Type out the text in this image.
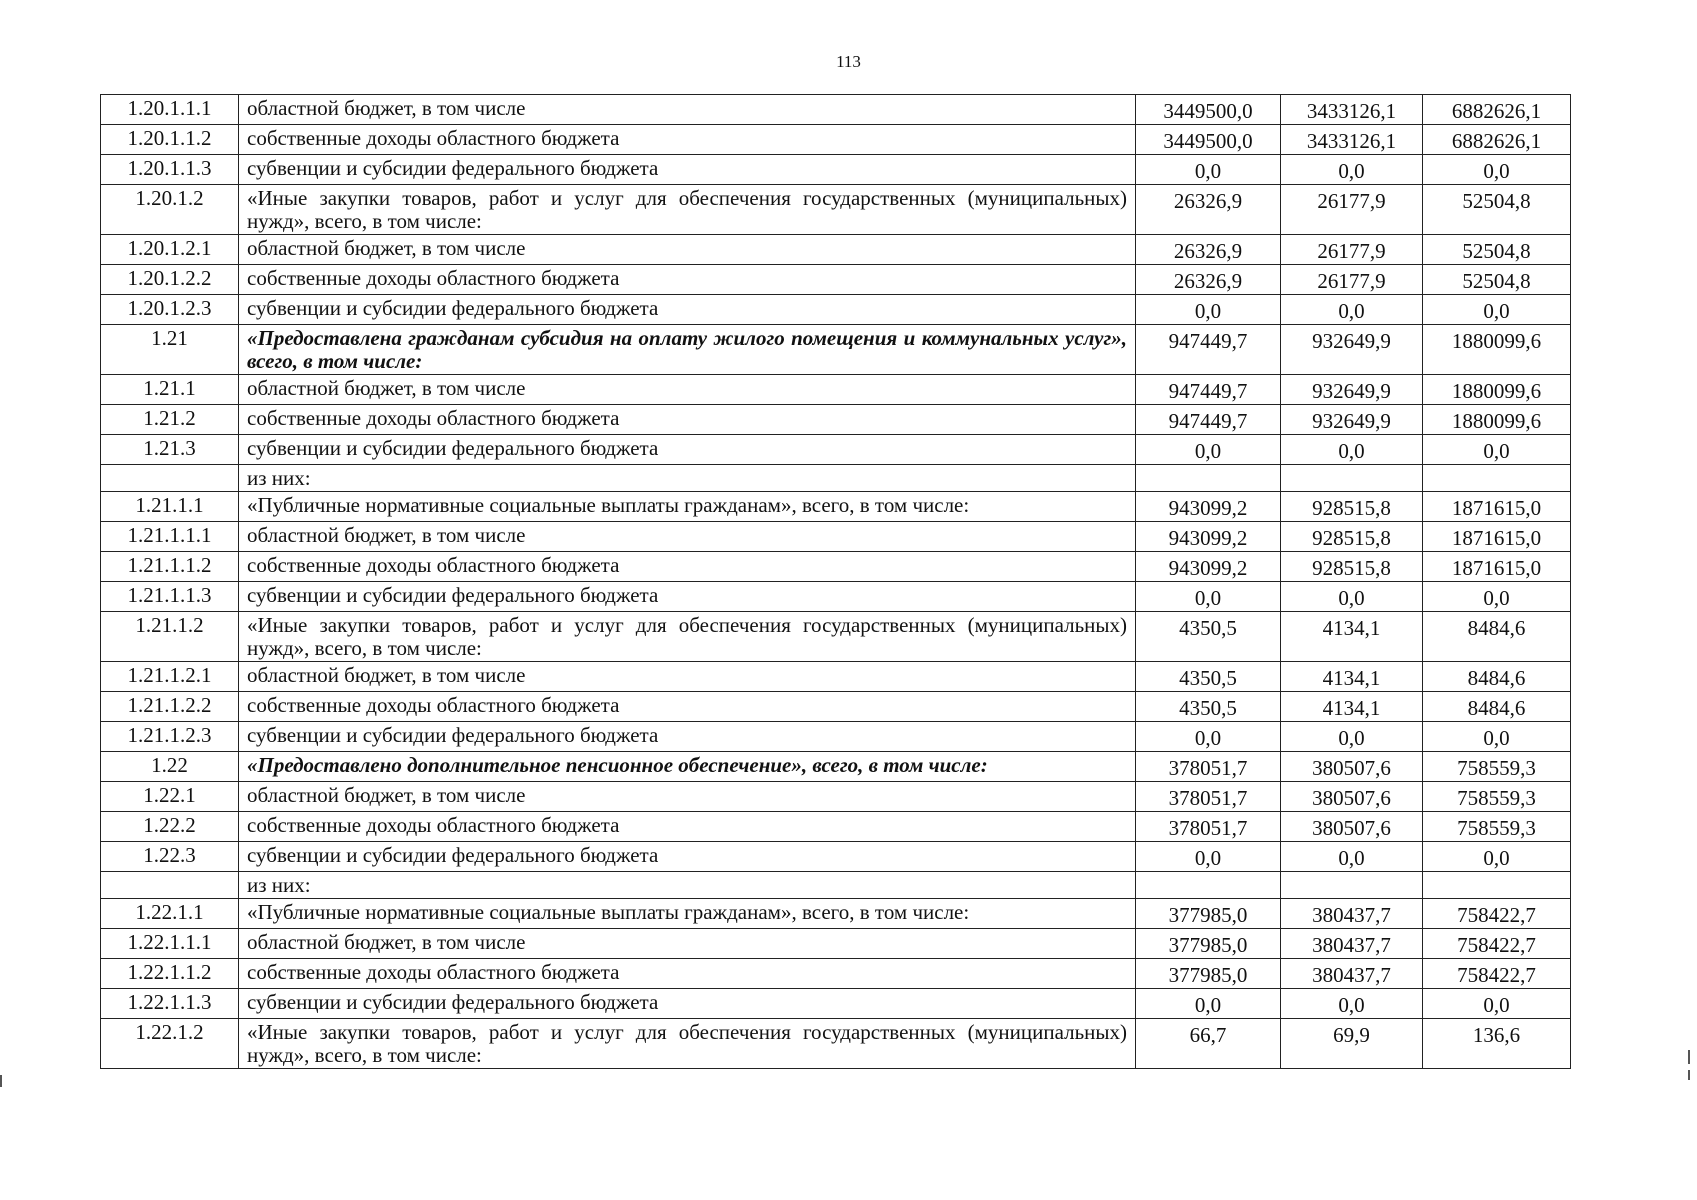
113
1.20.1.1.1	областной бюджет, в том числе	3449500,0	3433126,1	6882626,1
1.20.1.1.2	собственные доходы областного бюджета	3449500,0	3433126,1	6882626,1
1.20.1.1.3	субвенции и субсидии федерального бюджета	0,0	0,0	0,0
1.20.1.2	«Иные закупки товаров, работ и услуг для обеспечения государственных (муниципальных) нужд», всего, в том числе:	26326,9	26177,9	52504,8
1.20.1.2.1	областной бюджет, в том числе	26326,9	26177,9	52504,8
1.20.1.2.2	собственные доходы областного бюджета	26326,9	26177,9	52504,8
1.20.1.2.3	субвенции и субсидии федерального бюджета	0,0	0,0	0,0
1.21	«Предоставлена гражданам субсидия на оплату жилого помещения и коммунальных услуг», всего, в том числе:	947449,7	932649,9	1880099,6
1.21.1	областной бюджет, в том числе	947449,7	932649,9	1880099,6
1.21.2	собственные доходы областного бюджета	947449,7	932649,9	1880099,6
1.21.3	субвенции и субсидии федерального бюджета	0,0	0,0	0,0
	из них:			
1.21.1.1	«Публичные нормативные социальные выплаты гражданам», всего, в том числе:	943099,2	928515,8	1871615,0
1.21.1.1.1	областной бюджет, в том числе	943099,2	928515,8	1871615,0
1.21.1.1.2	собственные доходы областного бюджета	943099,2	928515,8	1871615,0
1.21.1.1.3	субвенции и субсидии федерального бюджета	0,0	0,0	0,0
1.21.1.2	«Иные закупки товаров, работ и услуг для обеспечения государственных (муниципальных) нужд», всего, в том числе:	4350,5	4134,1	8484,6
1.21.1.2.1	областной бюджет, в том числе	4350,5	4134,1	8484,6
1.21.1.2.2	собственные доходы областного бюджета	4350,5	4134,1	8484,6
1.21.1.2.3	субвенции и субсидии федерального бюджета	0,0	0,0	0,0
1.22	«Предоставлено дополнительное пенсионное обеспечение», всего, в том числе:	378051,7	380507,6	758559,3
1.22.1	областной бюджет, в том числе	378051,7	380507,6	758559,3
1.22.2	собственные доходы областного бюджета	378051,7	380507,6	758559,3
1.22.3	субвенции и субсидии федерального бюджета	0,0	0,0	0,0
	из них:			
1.22.1.1	«Публичные нормативные социальные выплаты гражданам», всего, в том числе:	377985,0	380437,7	758422,7
1.22.1.1.1	областной бюджет, в том числе	377985,0	380437,7	758422,7
1.22.1.1.2	собственные доходы областного бюджета	377985,0	380437,7	758422,7
1.22.1.1.3	субвенции и субсидии федерального бюджета	0,0	0,0	0,0
1.22.1.2	«Иные закупки товаров, работ и услуг для обеспечения государственных (муниципальных) нужд», всего, в том числе:	66,7	69,9	136,6
